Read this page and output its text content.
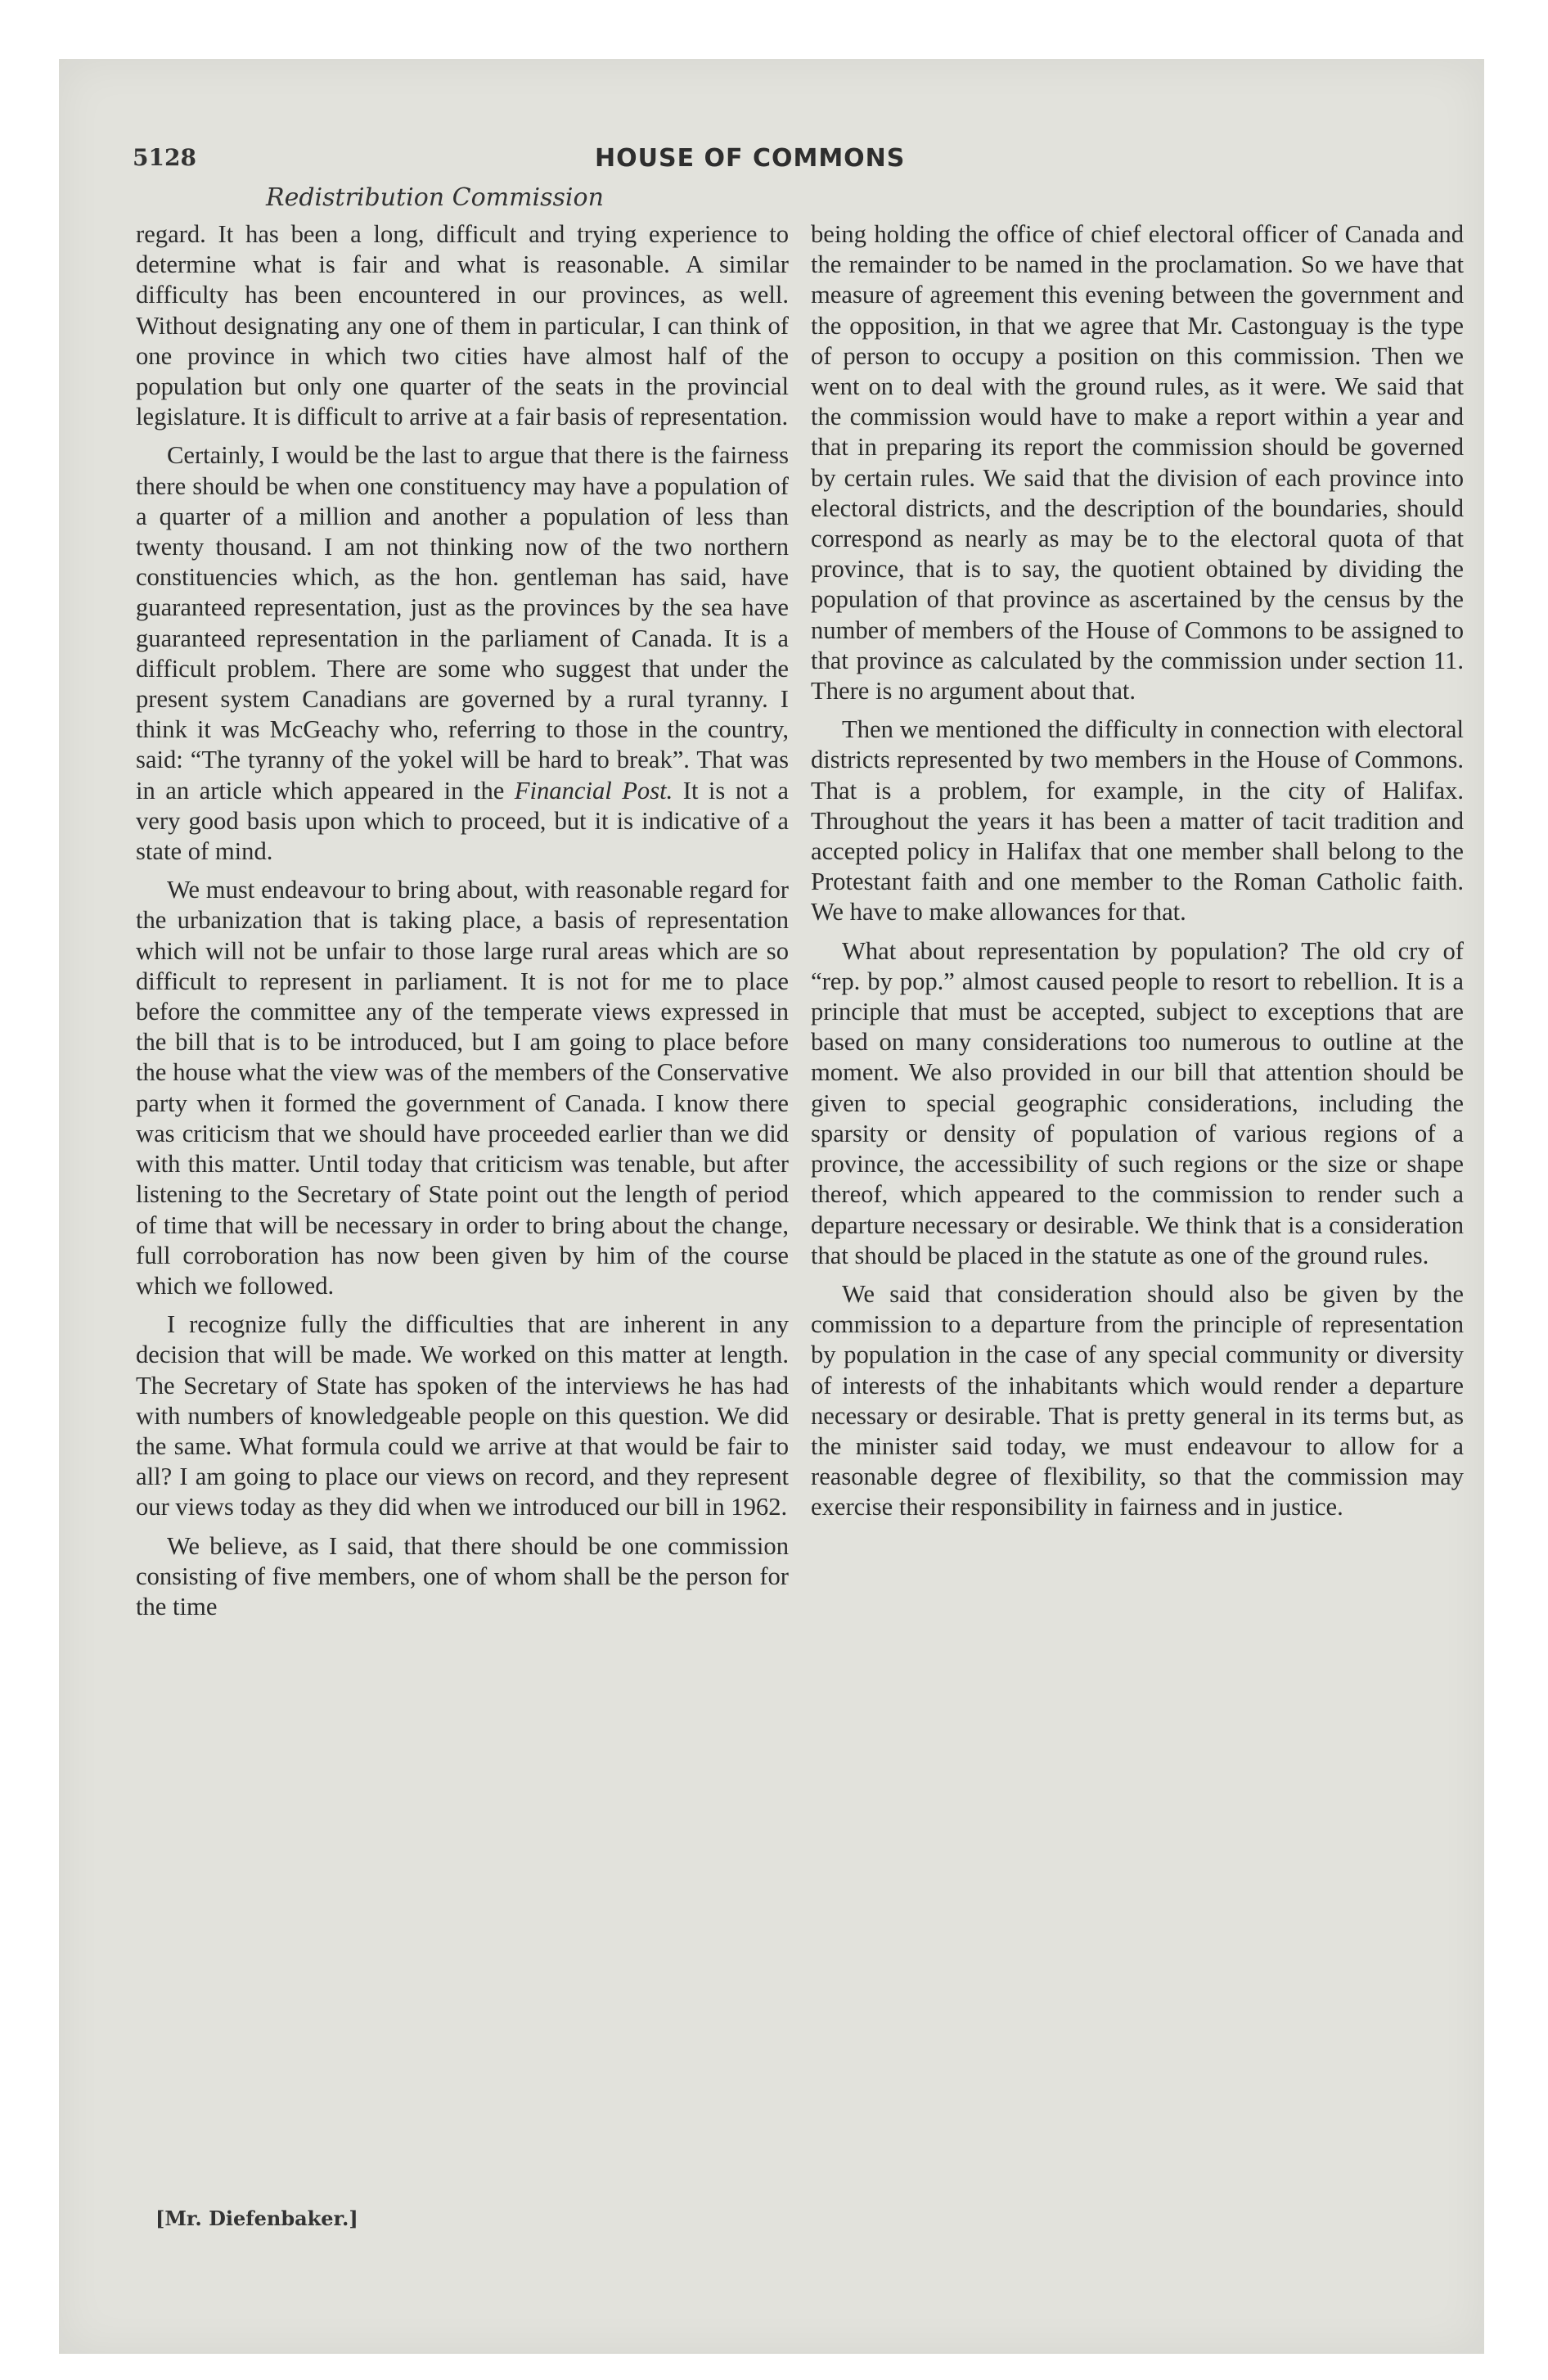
5128	HOUSE OF COMMONS
Redistribution Commission

regard. It has been a long, difficult and trying experience to determine what is fair and what is reasonable. A similar difficulty has been encountered in our provinces, as well. Without designating any one of them in particular, I can think of one province in which two cities have almost half of the population but only one quarter of the seats in the provincial legislature. It is difficult to arrive at a fair basis of representation.

Certainly, I would be the last to argue that there is the fairness there should be when one constituency may have a population of a quarter of a million and another a population of less than twenty thousand. I am not thinking now of the two northern constituencies which, as the hon. gentleman has said, have guaranteed representation, just as the provinces by the sea have guaranteed representation in the parliament of Canada. It is a difficult problem. There are some who suggest that under the present system Canadians are governed by a rural tyranny. I think it was McGeachy who, referring to those in the country, said: “The tyranny of the yokel will be hard to break”. That was in an article which appeared in the Financial Post. It is not a very good basis upon which to proceed, but it is indicative of a state of mind.

We must endeavour to bring about, with reasonable regard for the urbanization that is taking place, a basis of representation which will not be unfair to those large rural areas which are so difficult to represent in parliament. It is not for me to place before the committee any of the temperate views expressed in the bill that is to be introduced, but I am going to place before the house what the view was of the members of the Conservative party when it formed the government of Canada. I know there was criticism that we should have proceeded earlier than we did with this matter. Until today that criticism was tenable, but after listening to the Secretary of State point out the length of period of time that will be necessary in order to bring about the change, full corroboration has now been given by him of the course which we followed.

I recognize fully the difficulties that are inherent in any decision that will be made. We worked on this matter at length. The Secretary of State has spoken of the interviews he has had with numbers of knowledgeable people on this question. We did the same. What formula could we arrive at that would be fair to all? I am going to place our views on record, and they represent our views today as they did when we introduced our bill in 1962.

We believe, as I said, that there should be one commission consisting of five members, one of whom shall be the person for the time

being holding the office of chief electoral officer of Canada and the remainder to be named in the proclamation. So we have that measure of agreement this evening between the government and the opposition, in that we agree that Mr. Castonguay is the type of person to occupy a position on this commission. Then we went on to deal with the ground rules, as it were. We said that the commission would have to make a report within a year and that in preparing its report the commission should be governed by certain rules. We said that the division of each province into electoral districts, and the description of the boundaries, should correspond as nearly as may be to the electoral quota of that province, that is to say, the quotient obtained by dividing the population of that province as ascertained by the census by the number of members of the House of Commons to be assigned to that province as calculated by the commission under section 11. There is no argument about that.

Then we mentioned the difficulty in connection with electoral districts represented by two members in the House of Commons. That is a problem, for example, in the city of Halifax. Throughout the years it has been a matter of tacit tradition and accepted policy in Halifax that one member shall belong to the Protestant faith and one member to the Roman Catholic faith. We have to make allowances for that.

What about representation by population? The old cry of “rep. by pop.” almost caused people to resort to rebellion. It is a principle that must be accepted, subject to exceptions that are based on many considerations too numerous to outline at the moment. We also provided in our bill that attention should be given to special geographic considerations, including the sparsity or density of population of various regions of a province, the accessibility of such regions or the size or shape thereof, which appeared to the commission to render such a departure necessary or desirable. We think that is a consideration that should be placed in the statute as one of the ground rules.

We said that consideration should also be given by the commission to a departure from the principle of representation by population in the case of any special community or diversity of interests of the inhabitants which would render a departure necessary or desirable. That is pretty general in its terms but, as the minister said today, we must endeavour to allow for a reasonable degree of flexibility, so that the commission may exercise their responsibility in fairness and in justice.

[Mr. Diefenbaker.]
